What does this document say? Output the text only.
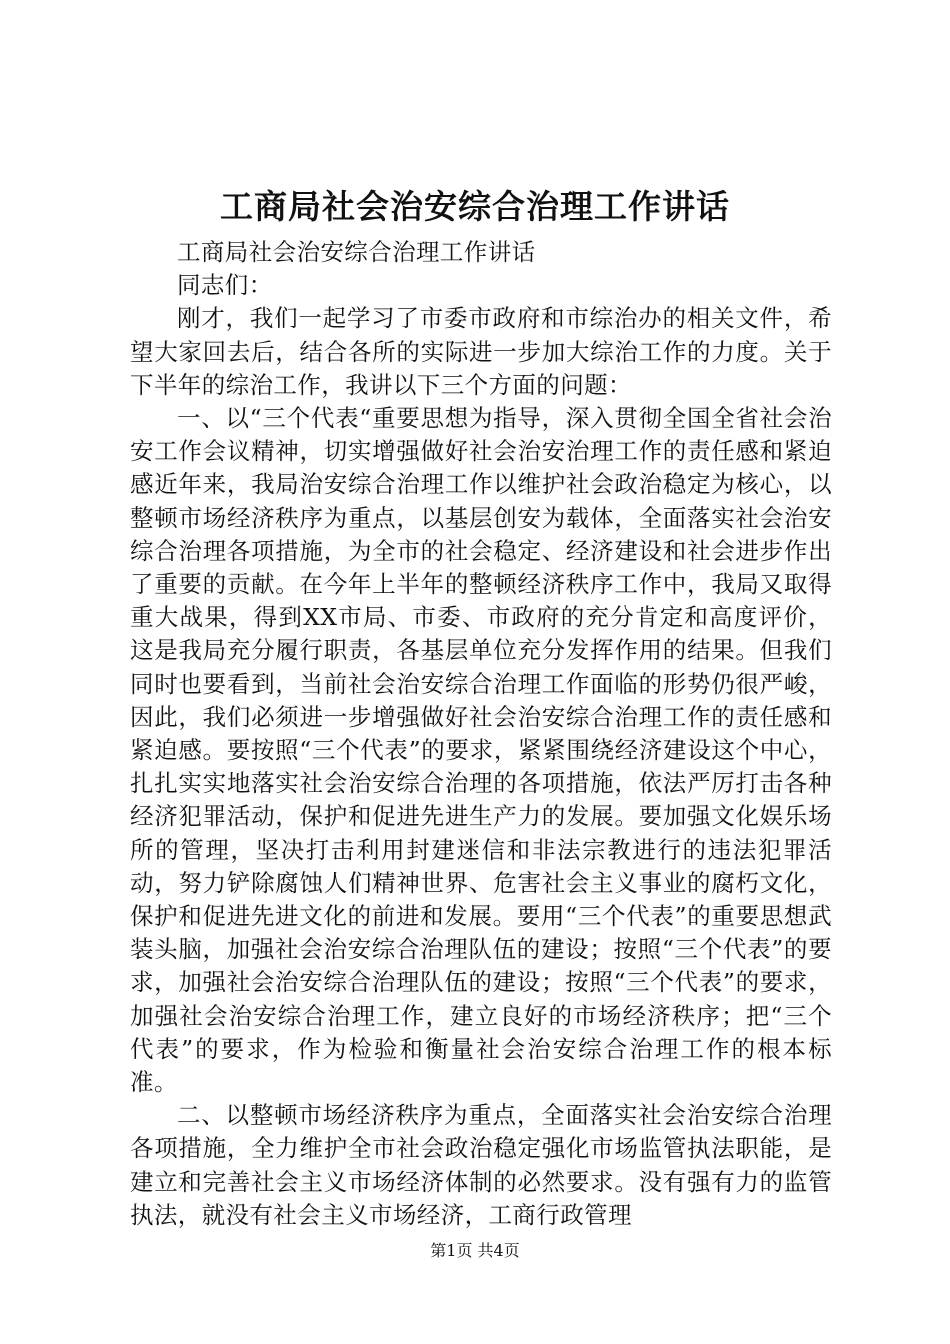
工商局社会治安综合治理工作讲话

工商局社会治安综合治理工作讲话

同志们：

刚才，我们一起学习了市委市政府和市综治办的相关文件，希望大家回去后，结合各所的实际进一步加大综治工作的力度。关于下半年的综治工作，我讲以下三个方面的问题：

一、以“三个代表“重要思想为指导，深入贯彻全国全省社会治安工作会议精神，切实增强做好社会治安治理工作的责任感和紧迫感近年来，我局治安综合治理工作以维护社会政治稳定为核心，以整顿市场经济秩序为重点，以基层创安为载体，全面落实社会治安综合治理各项措施，为全市的社会稳定、经济建设和社会进步作出了重要的贡献。在今年上半年的整顿经济秩序工作中，我局又取得重大战果，得到XX市局、市委、市政府的充分肯定和高度评价，这是我局充分履行职责，各基层单位充分发挥作用的结果。但我们同时也要看到，当前社会治安综合治理工作面临的形势仍很严峻，因此，我们必须进一步增强做好社会治安综合治理工作的责任感和紧迫感。要按照“三个代表”的要求，紧紧围绕经济建设这个中心，扎扎实实地落实社会治安综合治理的各项措施，依法严厉打击各种经济犯罪活动，保护和促进先进生产力的发展。要加强文化娱乐场所的管理，坚决打击利用封建迷信和非法宗教进行的违法犯罪活动，努力铲除腐蚀人们精神世界、危害社会主义事业的腐朽文化，保护和促进先进文化的前进和发展。要用“三个代表”的重要思想武装头脑，加强社会治安综合治理队伍的建设；按照“三个代表”的要求，加强社会治安综合治理队伍的建设；按照“三个代表”的要求，加强社会治安综合治理工作，建立良好的市场经济秩序；把“三个代表”的要求，作为检验和衡量社会治安综合治理工作的根本标准。

二、以整顿市场经济秩序为重点，全面落实社会治安综合治理各项措施，全力维护全市社会政治稳定强化市场监管执法职能，是建立和完善社会主义市场经济体制的必然要求。没有强有力的监管执法，就没有社会主义市场经济，工商行政管理

第1页 共4页
